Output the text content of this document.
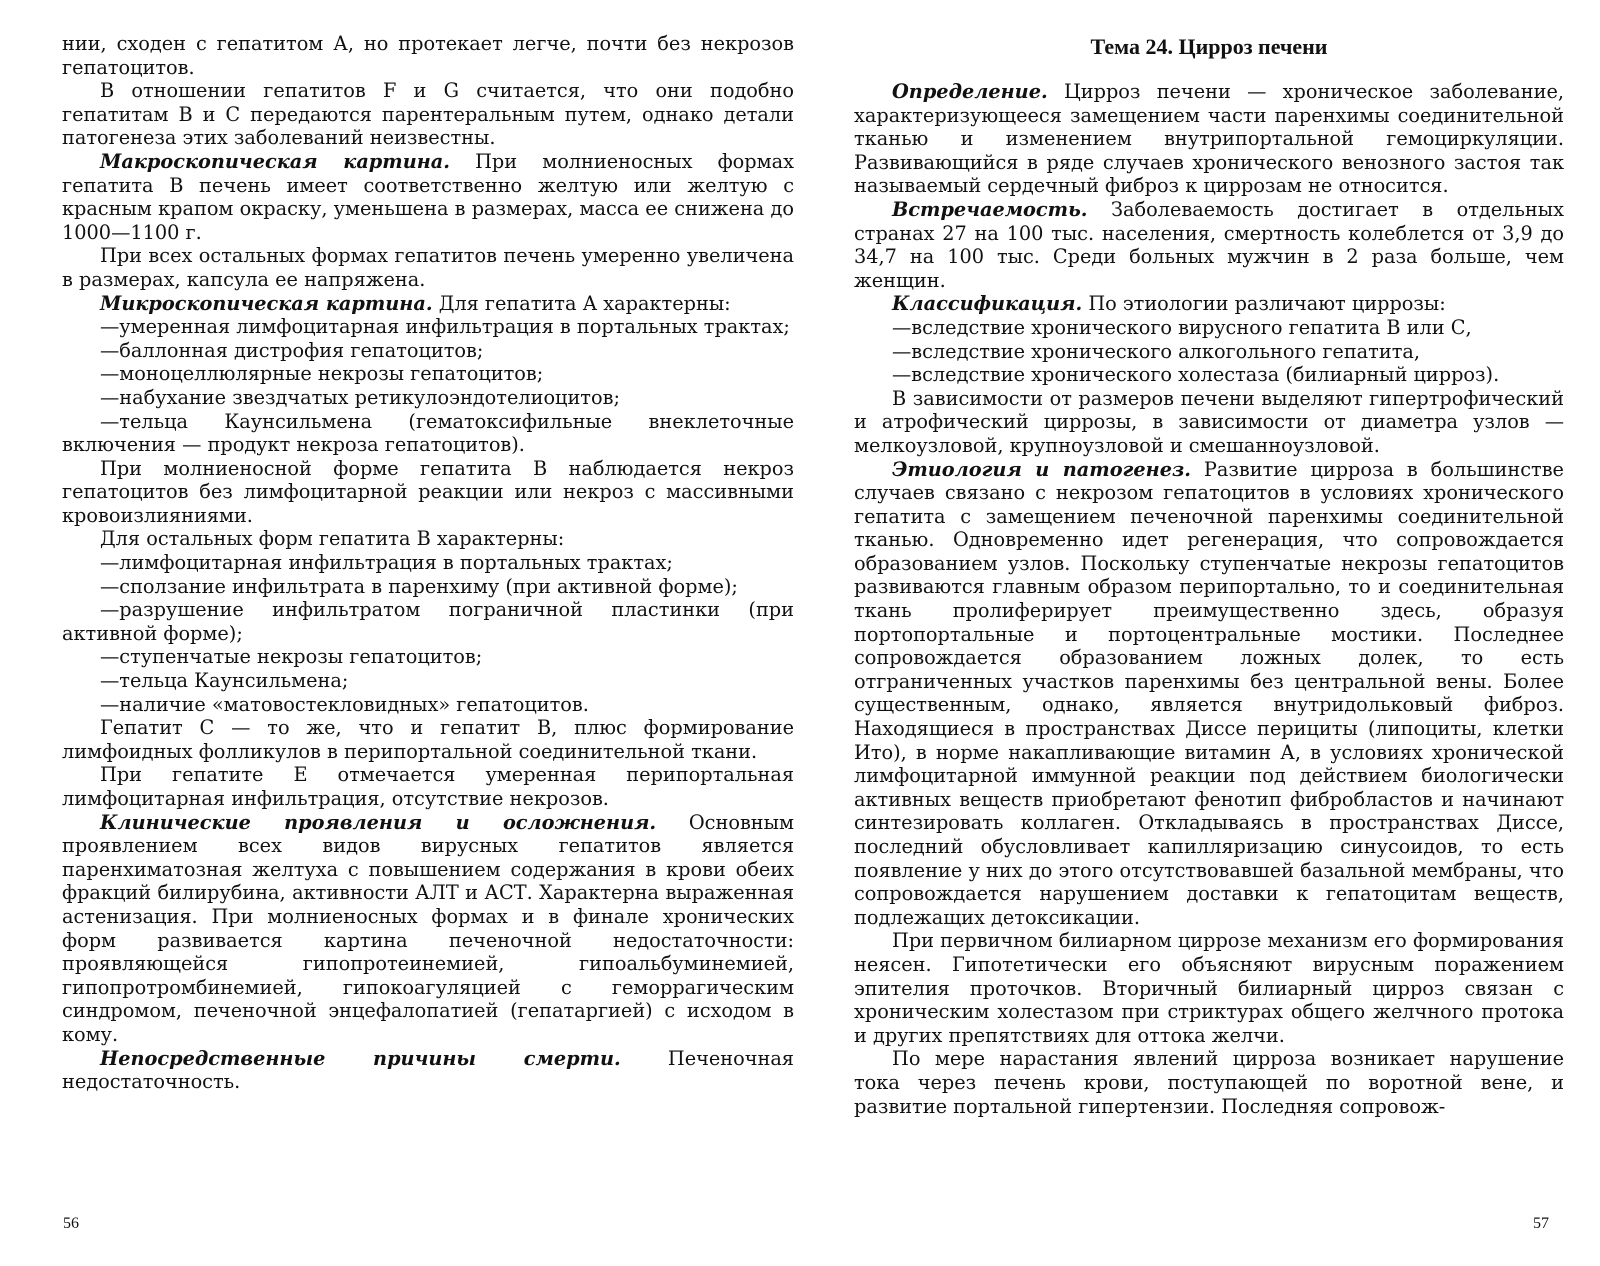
нии, сходен с гепатитом А, но протекает легче, почти без некрозов гепатоцитов.

В отношении гепатитов F и G считается, что они подобно гепатитам В и С передаются парентеральным путем, однако детали патогенеза этих заболеваний неизвестны.

Макроскопическая картина. При молниеносных формах гепатита В печень имеет соответственно желтую или желтую с красным крапом окраску, уменьшена в размерах, масса ее снижена до 1000—1100 г.

При всех остальных формах гепатитов печень умеренно увеличена в размерах, капсула ее напряжена.

Микроскопическая картина. Для гепатита А характерны:

—умеренная лимфоцитарная инфильтрация в портальных трактах;

—баллонная дистрофия гепатоцитов;

—моноцеллюлярные некрозы гепатоцитов;

—набухание звездчатых ретикулоэндотелиоцитов;

—тельца Каунсильмена (гематоксифильные внеклеточные включения — продукт некроза гепатоцитов).

При молниеносной форме гепатита В наблюдается некроз гепатоцитов без лимфоцитарной реакции или некроз с массивными кровоизлияниями.

Для остальных форм гепатита В характерны:

—лимфоцитарная инфильтрация в портальных трактах;

—сползание инфильтрата в паренхиму (при активной форме);

—разрушение инфильтратом пограничной пластинки (при активной форме);

—ступенчатые некрозы гепатоцитов;

—тельца Каунсильмена;

—наличие «матовостекловидных» гепатоцитов.

Гепатит С — то же, что и гепатит В, плюс формирование лимфоидных фолликулов в перипортальной соединительной ткани.

При гепатите Е отмечается умеренная перипортальная лимфоцитарная инфильтрация, отсутствие некрозов.

Клинические проявления и осложнения. Основным проявлением всех видов вирусных гепатитов является паренхиматозная желтуха с повышением содержания в крови обеих фракций билирубина, активности АЛТ и АСТ. Характерна выраженная астенизация. При молниеносных формах и в финале хронических форм развивается картина печеночной недостаточности: проявляющейся гипопротеинемией, гипоальбуминемией, гипопротромбинемией, гипокоагуляцией с геморрагическим синдромом, печеночной энцефалопатией (гепатаргией) с исходом в кому.

Непосредственные причины смерти. Печеночная недостаточность.

56
Тема 24. Цирроз печени

Определение. Цирроз печени — хроническое заболевание, характеризующееся замещением части паренхимы соединительной тканью и изменением внутрипортальной гемоциркуляции. Развивающийся в ряде случаев хронического венозного застоя так называемый сердечный фиброз к циррозам не относится.

Встречаемость. Заболеваемость достигает в отдельных странах 27 на 100 тыс. населения, смертность колеблется от 3,9 до 34,7 на 100 тыс. Среди больных мужчин в 2 раза больше, чем женщин.

Классификация. По этиологии различают циррозы:

—вследствие хронического вирусного гепатита В или С,

—вследствие хронического алкогольного гепатита,

—вследствие хронического холестаза (билиарный цирроз).

В зависимости от размеров печени выделяют гипертрофический и атрофический циррозы, в зависимости от диаметра узлов — мелкоузловой, крупноузловой и смешанноузловой.

Этиология и патогенез. Развитие цирроза в большинстве случаев связано с некрозом гепатоцитов в условиях хронического гепатита с замещением печеночной паренхимы соединительной тканью. Одновременно идет регенерация, что сопровождается образованием узлов. Поскольку ступенчатые некрозы гепатоцитов развиваются главным образом перипортально, то и соединительная ткань пролиферирует преимущественно здесь, образуя портопортальные и портоцентральные мостики. Последнее сопровождается образованием ложных долек, то есть отграниченных участков паренхимы без центральной вены. Более существенным, однако, является внутридольковый фиброз. Находящиеся в пространствах Диссе перициты (липоциты, клетки Ито), в норме накапливающие витамин А, в условиях хронической лимфоцитарной иммунной реакции под действием биологически активных веществ приобретают фенотип фибробластов и начинают синтезировать коллаген. Откладываясь в пространствах Диссе, последний обусловливает капилляризацию синусоидов, то есть появление у них до этого отсутствовавшей базальной мембраны, что сопровождается нарушением доставки к гепатоцитам веществ, подлежащих детоксикации.

При первичном билиарном циррозе механизм его формирования неясен. Гипотетически его объясняют вирусным поражением эпителия проточков. Вторичный билиарный цирроз связан с хроническим холестазом при стриктурах общего желчного протока и других препятствиях для оттока желчи.

По мере нарастания явлений цирроза возникает нарушение тока через печень крови, поступающей по воротной вене, и развитие портальной гипертензии. Последняя сопровож-

57
